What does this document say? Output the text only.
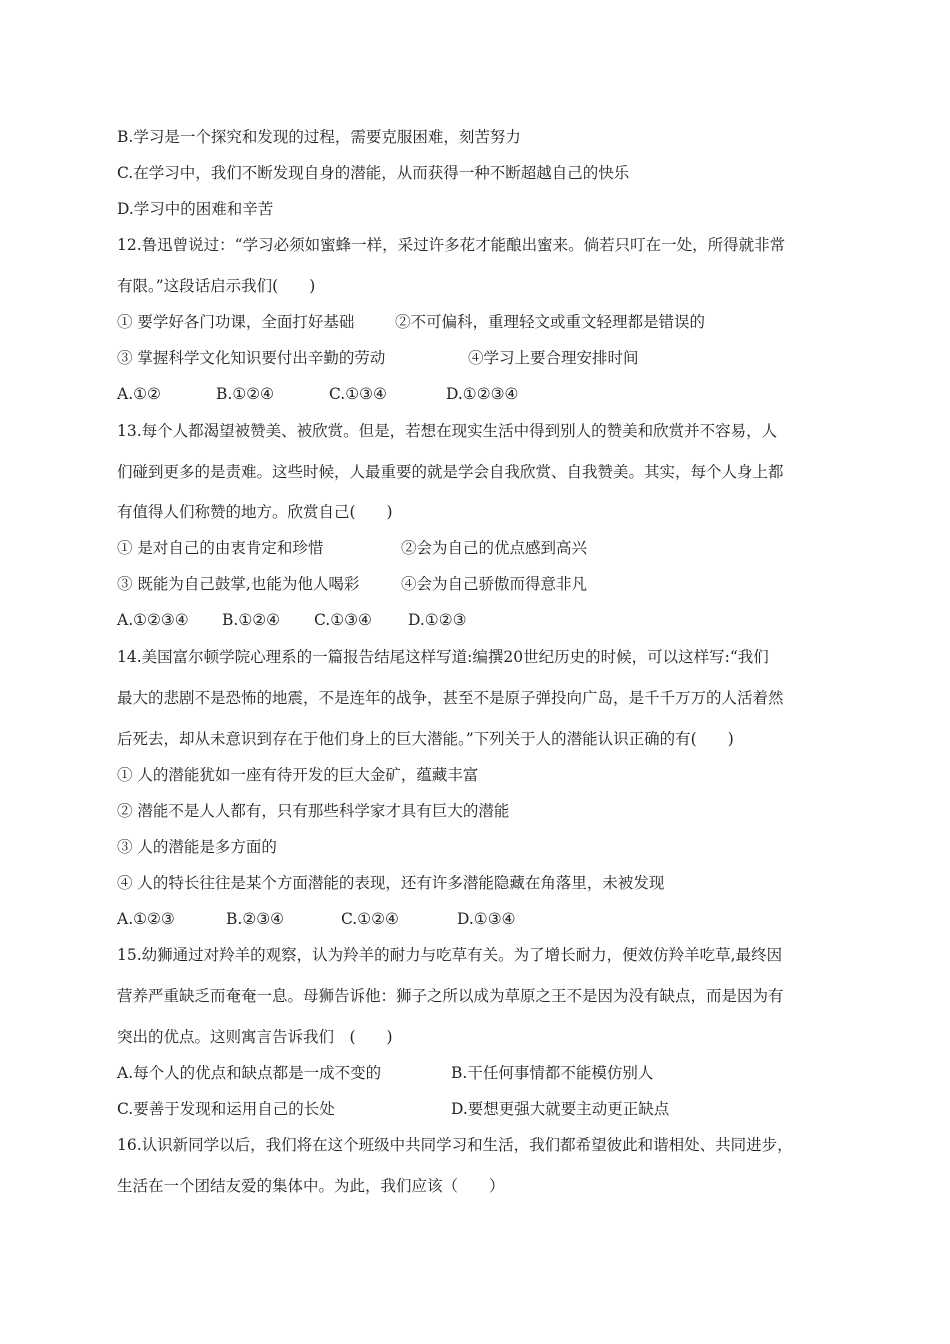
B.学习是一个探究和发现的过程，需要克服困难，刻苦努力
C.在学习中，我们不断发现自身的潜能，从而获得一种不断超越自己的快乐
D.学习中的困难和辛苦
12.鲁迅曾说过：“学习必须如蜜蜂一样，采过许多花才能酿出蜜来。倘若只叮在一处，所得就非常
有限。”这段话启示我们(　　)
① 要学好各门功课，全面打好基础	②不可偏科，重理轻文或重文轻理都是错误的
③ 掌握科学文化知识要付出辛勤的劳动	④学习上要合理安排时间
A.①②	B.①②④	C.①③④	D.①②③④
13.每个人都渴望被赞美、被欣赏。但是，若想在现实生活中得到别人的赞美和欣赏并不容易，人
们碰到更多的是责难。这些时候，人最重要的就是学会自我欣赏、自我赞美。其实，每个人身上都
有值得人们称赞的地方。欣赏自己(　　)
① 是对自己的由衷肯定和珍惜	②会为自己的优点感到高兴
③ 既能为自己鼓掌,也能为他人喝彩	④会为自己骄傲而得意非凡
A.①②③④	B.①②④	C.①③④	D.①②③
14.美国富尔顿学院心理系的一篇报告结尾这样写道:编撰20世纪历史的时候，可以这样写:“我们
最大的悲剧不是恐怖的地震，不是连年的战争，甚至不是原子弹投向广岛，是千千万万的人活着然
后死去，却从未意识到存在于他们身上的巨大潜能。”下列关于人的潜能认识正确的有(　　)
① 人的潜能犹如一座有待开发的巨大金矿，蕴藏丰富
② 潜能不是人人都有，只有那些科学家才具有巨大的潜能
③ 人的潜能是多方面的
④ 人的特长往往是某个方面潜能的表现，还有许多潜能隐藏在角落里，未被发现
A.①②③	B.②③④	C.①②④	D.①③④
15.幼狮通过对羚羊的观察，认为羚羊的耐力与吃草有关。为了增长耐力，便效仿羚羊吃草,最终因
营养严重缺乏而奄奄一息。母狮告诉他：狮子之所以成为草原之王不是因为没有缺点，而是因为有
突出的优点。这则寓言告诉我们　(　　)
A.每个人的优点和缺点都是一成不变的	B.干任何事情都不能模仿别人
C.要善于发现和运用自己的长处	D.要想更强大就要主动更正缺点
16.认识新同学以后，我们将在这个班级中共同学习和生活，我们都希望彼此和谐相处、共同进步，
生活在一个团结友爱的集体中。为此，我们应该（　　）
